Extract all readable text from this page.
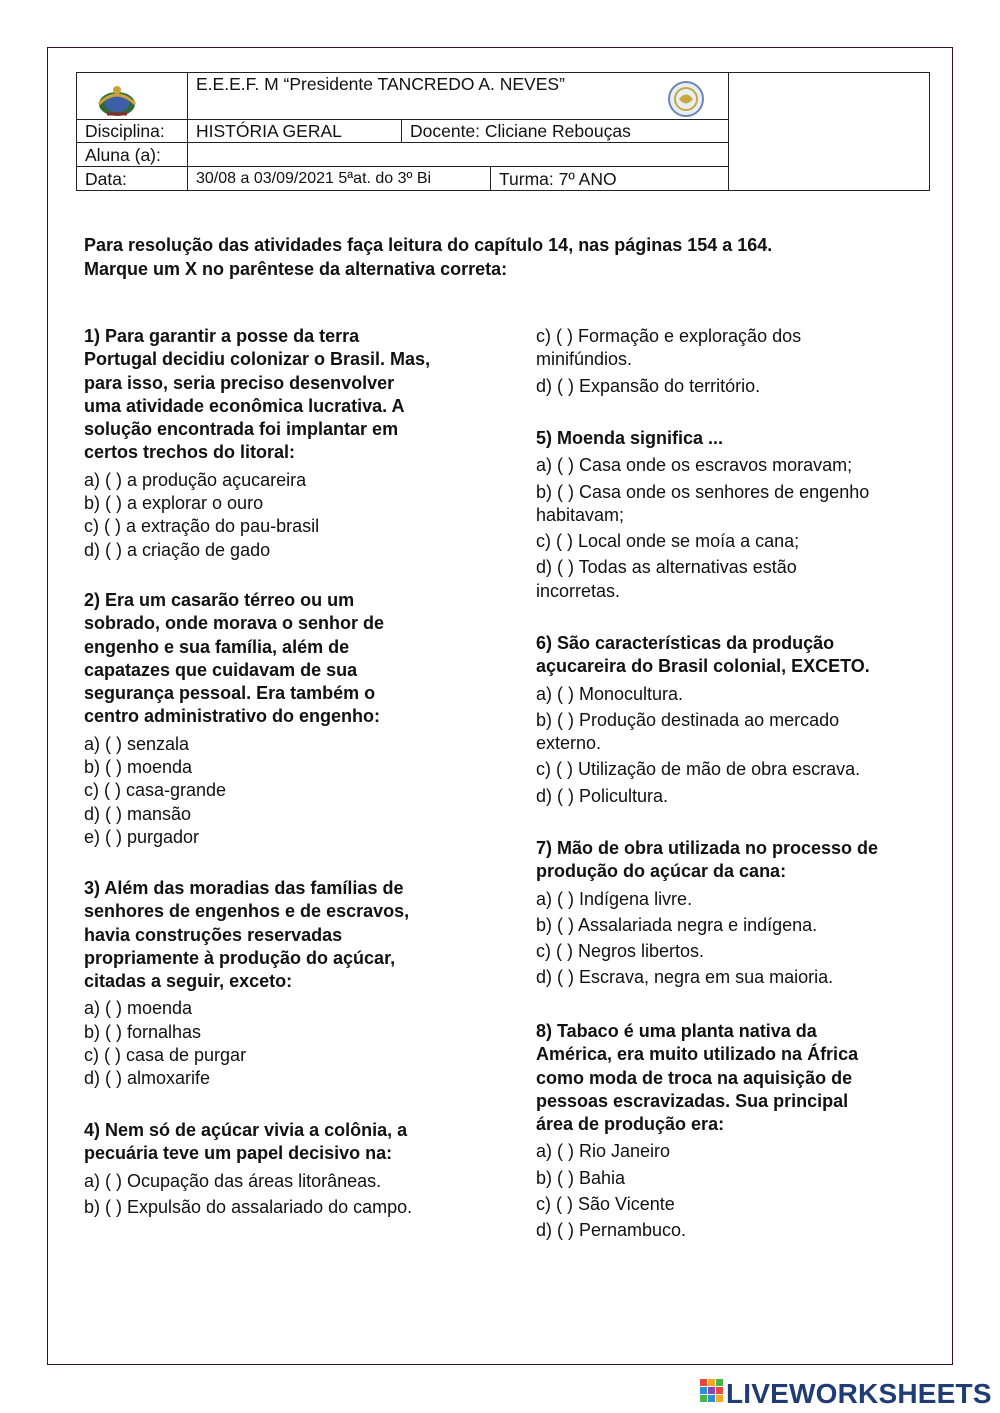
E.E.E.F. M “Presidente TANCREDO A. NEVES”
Disciplina: HISTÓRIA GERAL	Docente: Cliciane Rebouças
Aluna (a):
Data:	30/08 a 03/09/2021 5ªat. do 3º Bi	Turma: 7º ANO
Para resolução das atividades faça leitura do capítulo 14, nas páginas 154 a 164.
Marque um X no parêntese da alternativa correta:

1) Para garantir a posse da terra

Portugal decidiu colonizar o Brasil. Mas,

para isso, seria preciso desenvolver

uma atividade econômica lucrativa. A

solução encontrada foi implantar em

certos trechos do litoral:

a) ( ) a produção açucareira

b) ( ) a explorar o ouro

c) ( ) a extração do pau-brasil

d) ( ) a criação de gado

2) Era um casarão térreo ou um

sobrado, onde morava o senhor de

engenho e sua família, além de

capatazes que cuidavam de sua

segurança pessoal. Era também o

centro administrativo do engenho:

a) ( ) senzala

b) ( ) moenda

c) ( ) casa-grande

d) ( ) mansão

e) ( ) purgador

3) Além das moradias das famílias de

senhores de engenhos e de escravos,

havia construções reservadas

propriamente à produção do açúcar,

citadas a seguir, exceto:

a) ( ) moenda

b) ( ) fornalhas

c) ( ) casa de purgar

d) ( ) almoxarife

4) Nem só de açúcar vivia a colônia, a

pecuária teve um papel decisivo na:

a) ( ) Ocupação das áreas litorâneas.

b) ( ) Expulsão do assalariado do campo.

c) ( ) Formação e exploração dos

minifúndios.

d) ( ) Expansão do território.

5) Moenda significa ...

a) ( ) Casa onde os escravos moravam;

b) ( ) Casa onde os senhores de engenho

habitavam;

c) ( ) Local onde se moía a cana;

d) ( ) Todas as alternativas estão

incorretas.

6) São características da produção

açucareira do Brasil colonial, EXCETO.

a) ( ) Monocultura.

b) ( ) Produção destinada ao mercado

externo.

c) ( ) Utilização de mão de obra escrava.

d) ( ) Policultura.

7) Mão de obra utilizada no processo de

produção do açúcar da cana:

a) ( ) Indígena livre.

b) ( ) Assalariada negra e indígena.

c) ( ) Negros libertos.

d) ( ) Escrava, negra em sua maioria.

8) Tabaco é uma planta nativa da

América, era muito utilizado na África

como moda de troca na aquisição de

pessoas escravizadas. Sua principal

área de produção era:

a) ( ) Rio Janeiro

b) ( ) Bahia

c) ( ) São Vicente

d) ( ) Pernambuco.

LIVEWORKSHEETS
